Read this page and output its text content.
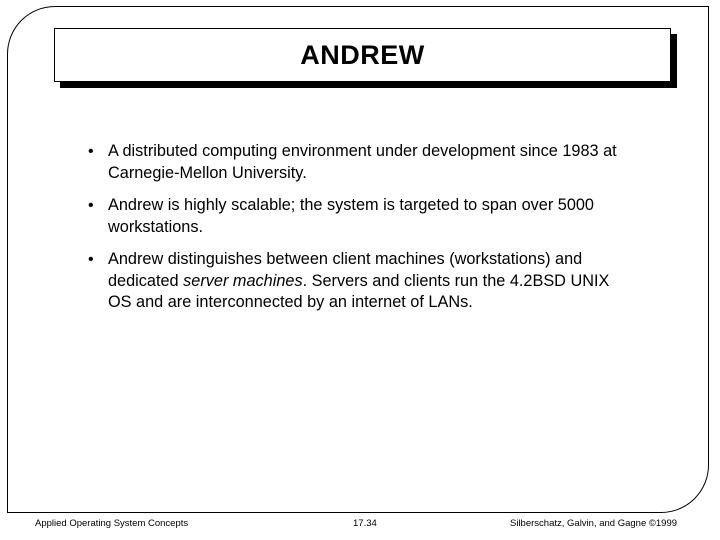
ANDREW
• A distributed computing environment under development since 1983 at Carnegie-Mellon University.
• Andrew is highly scalable; the system is targeted to span over 5000 workstations.
• Andrew distinguishes between client machines (workstations) and dedicated server machines. Servers and clients run the 4.2BSD UNIX OS and are interconnected by an internet of LANs.
Applied Operating System Concepts	17.34	Silberschatz, Galvin, and Gagne ©1999
